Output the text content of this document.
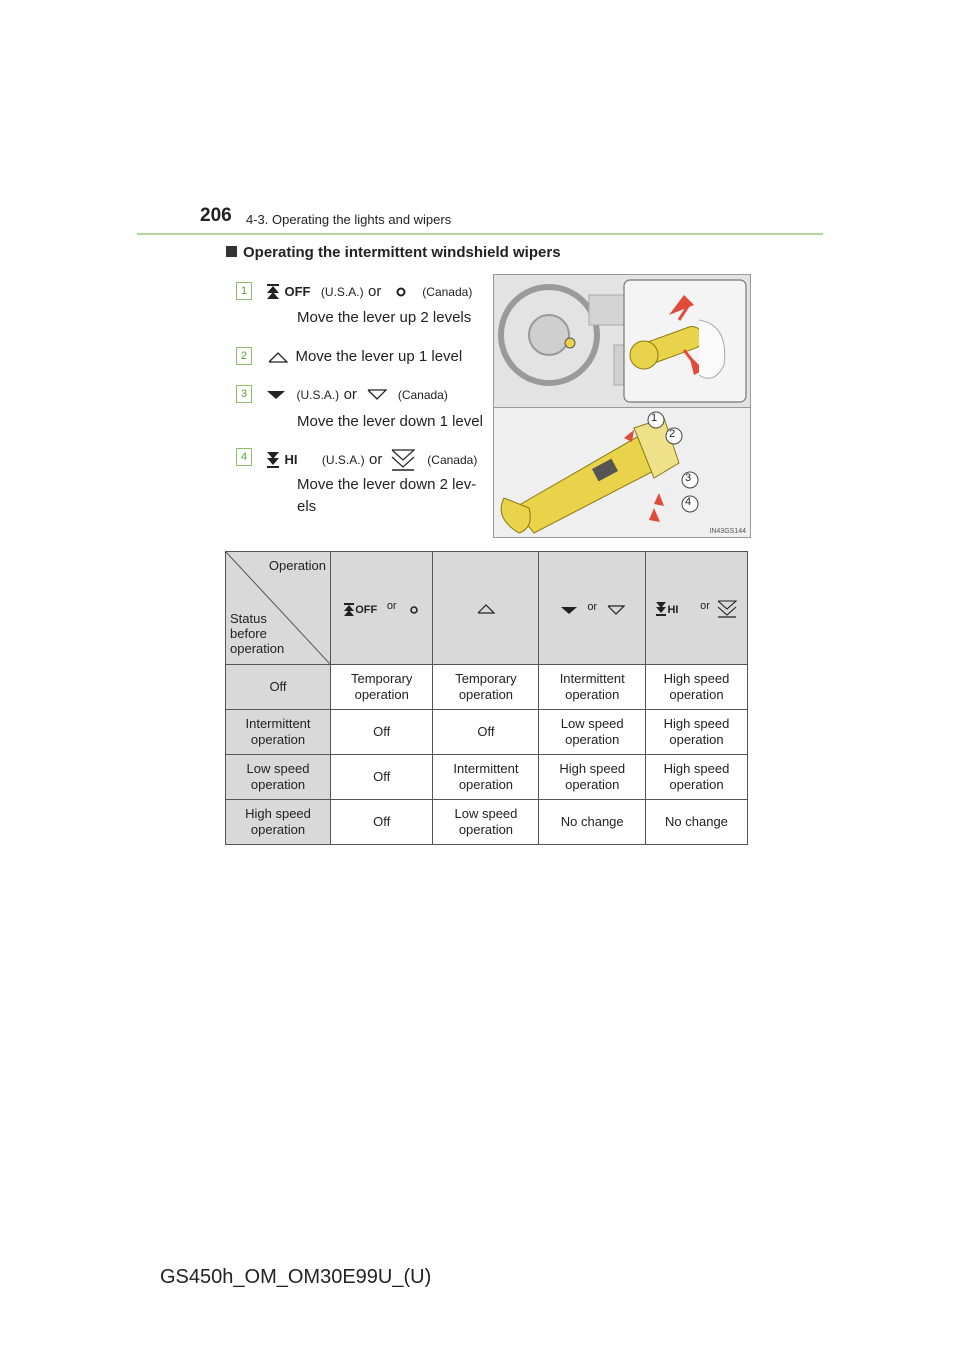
206 4-3. Operating the lights and wipers
Operating the intermittent windshield wipers
1	OFF (U.S.A.) or	(Canada)
Move the lever up 2 levels
2	Move the lever up 1 level
3	(U.S.A.) or	(Canada)
Move the lever down 1 level
4	HI (U.S.A.) or	(Canada)
Move the lever down 2 lev-
els
1
2
3
4
IN43GS144
Operation
Status
before
operation	OFF $^{or}$		$^{or}$	HI $^{or}$
Off	Temporary operation	Temporary operation	Intermittent operation	High speed operation
Intermittent operation	Off	Off	Low speed operation	High speed operation
Low speed operation	Off	Intermittent operation	High speed operation	High speed operation
High speed operation	Off	Low speed operation	No change	No change
GS450h_OM_OM30E99U_(U)
